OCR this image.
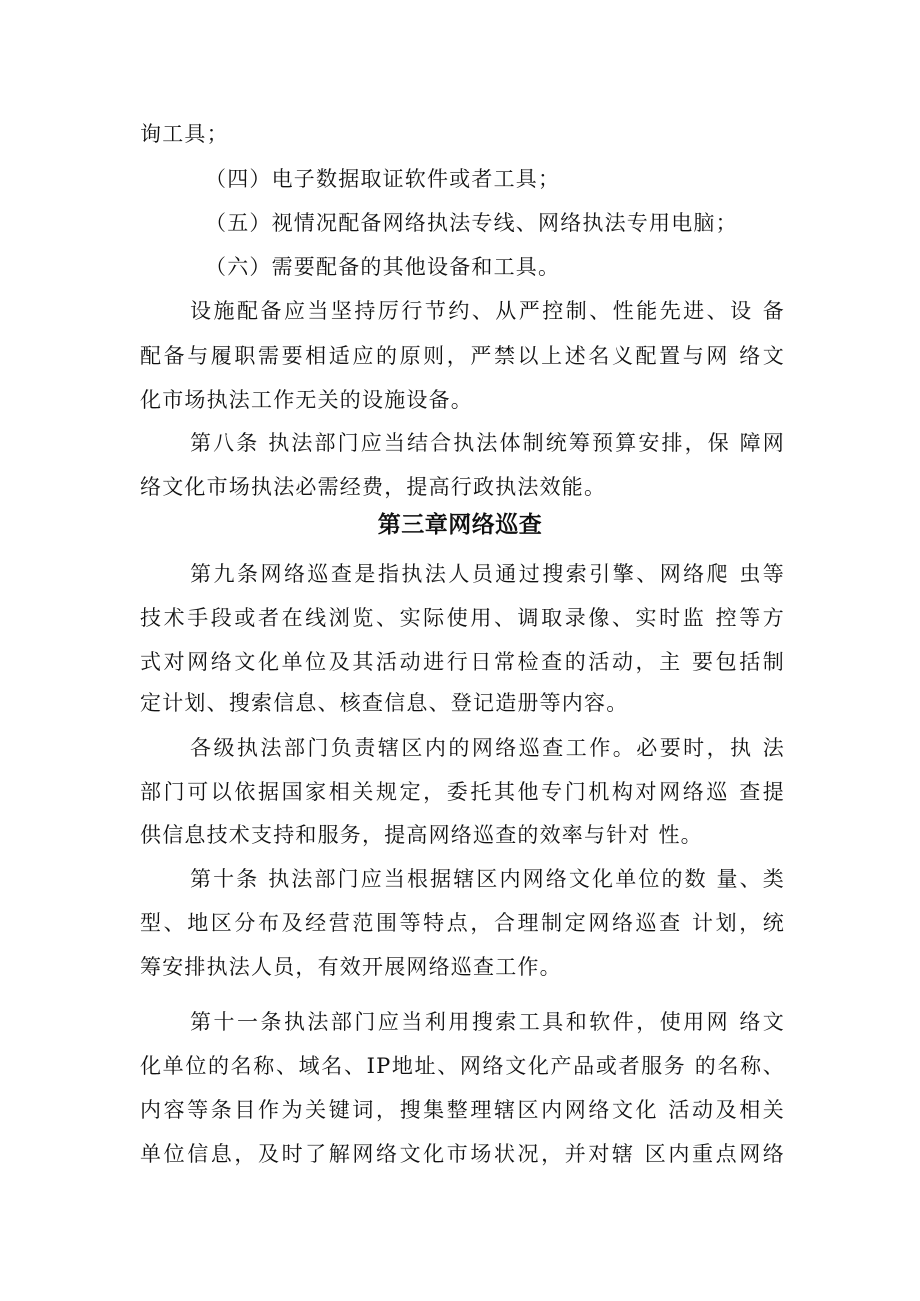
询工具；
（四）电子数据取证软件或者工具；
（五）视情况配备网络执法专线、网络执法专用电脑；
（六）需要配备的其他设备和工具。
设施配备应当坚持厉行节约、从严控制、性能先进、设 备
配备与履职需要相适应的原则，严禁以上述名义配置与网 络文
化市场执法工作无关的设施设备。
第八条 执法部门应当结合执法体制统筹预算安排，保 障网
络文化市场执法必需经费，提高行政执法效能。
第三章网络巡查
第九条网络巡查是指执法人员通过搜索引擎、网络爬 虫等
技术手段或者在线浏览、实际使用、调取录像、实时监 控等方
式对网络文化单位及其活动进行日常检查的活动，主 要包括制
定计划、搜索信息、核查信息、登记造册等内容。
各级执法部门负责辖区内的网络巡查工作。必要时，执 法
部门可以依据国家相关规定，委托其他专门机构对网络巡 查提
供信息技术支持和服务，提高网络巡查的效率与针对 性。
第十条 执法部门应当根据辖区内网络文化单位的数 量、类
型、地区分布及经营范围等特点，合理制定网络巡查 计划，统
筹安排执法人员，有效开展网络巡查工作。
第十一条执法部门应当利用搜索工具和软件，使用网 络文
化单位的名称、域名、IP地址、网络文化产品或者服务 的名称、
内容等条目作为关键词，搜集整理辖区内网络文化 活动及相关
单位信息，及时了解网络文化市场状况，并对辖 区内重点网络
